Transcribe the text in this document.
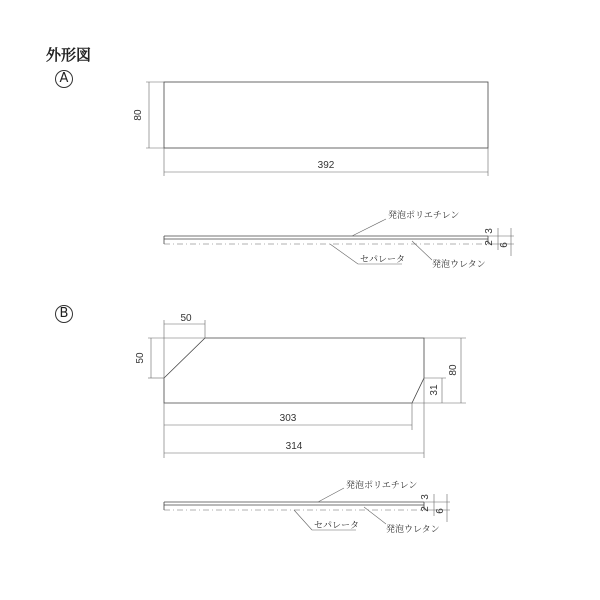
外形図
A
B
80
392
発泡ポリエチレン
セパレータ	発泡ウレタン
2
3
6
50
50
80
31
303
314
発泡ポリエチレン
セパレータ	発泡ウレタン
2
3
6
